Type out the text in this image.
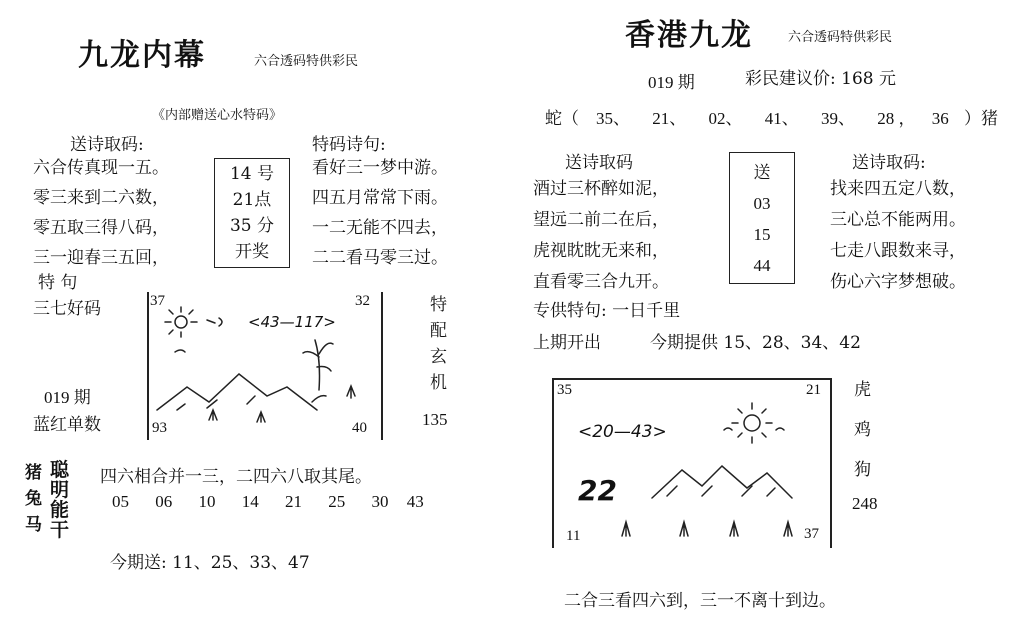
九龙内幕	六合透码特供彩民
《内部赠送心水特码》
送诗取码:
六合传真现一五。
零三来到二六数，
零五取三得八码，
三一迎春三五回，
14 号
21点
35 分
开奖
特码诗句:
看好三一梦中游。
四五月常常下雨。
一二无能不四去，
二二看马零三过。
特 句
三七好码
019 期
蓝红单数
37	32
93	40
<43—117>
特配玄机
135
猪兔马
聪明能干
四六相合并一三，二四六八取其尾。
05 06 10 14 21 25 30 43
今期送: 11、25、33、47
香港九龙	六合透码特供彩民
019 期	彩民建议价: 168 元
蛇（ 35、 21、 02、 41、 39、 28 ， 36 ）猪
送诗取码
酒过三杯醉如泥，
望远二前二在后，
虎视眈眈无来和，
直看零三合九开。
送
03
15
44
送诗取码:
找来四五定八数，
三心总不能两用。
七走八跟数来寻，
伤心六字梦想破。
专供特句: 一日千里
上期开出	今期提供 15、28、34、42
35	21
11	37
<20—43>
22
虎鸡狗
248
二合三看四六到，三一不离十到边。
